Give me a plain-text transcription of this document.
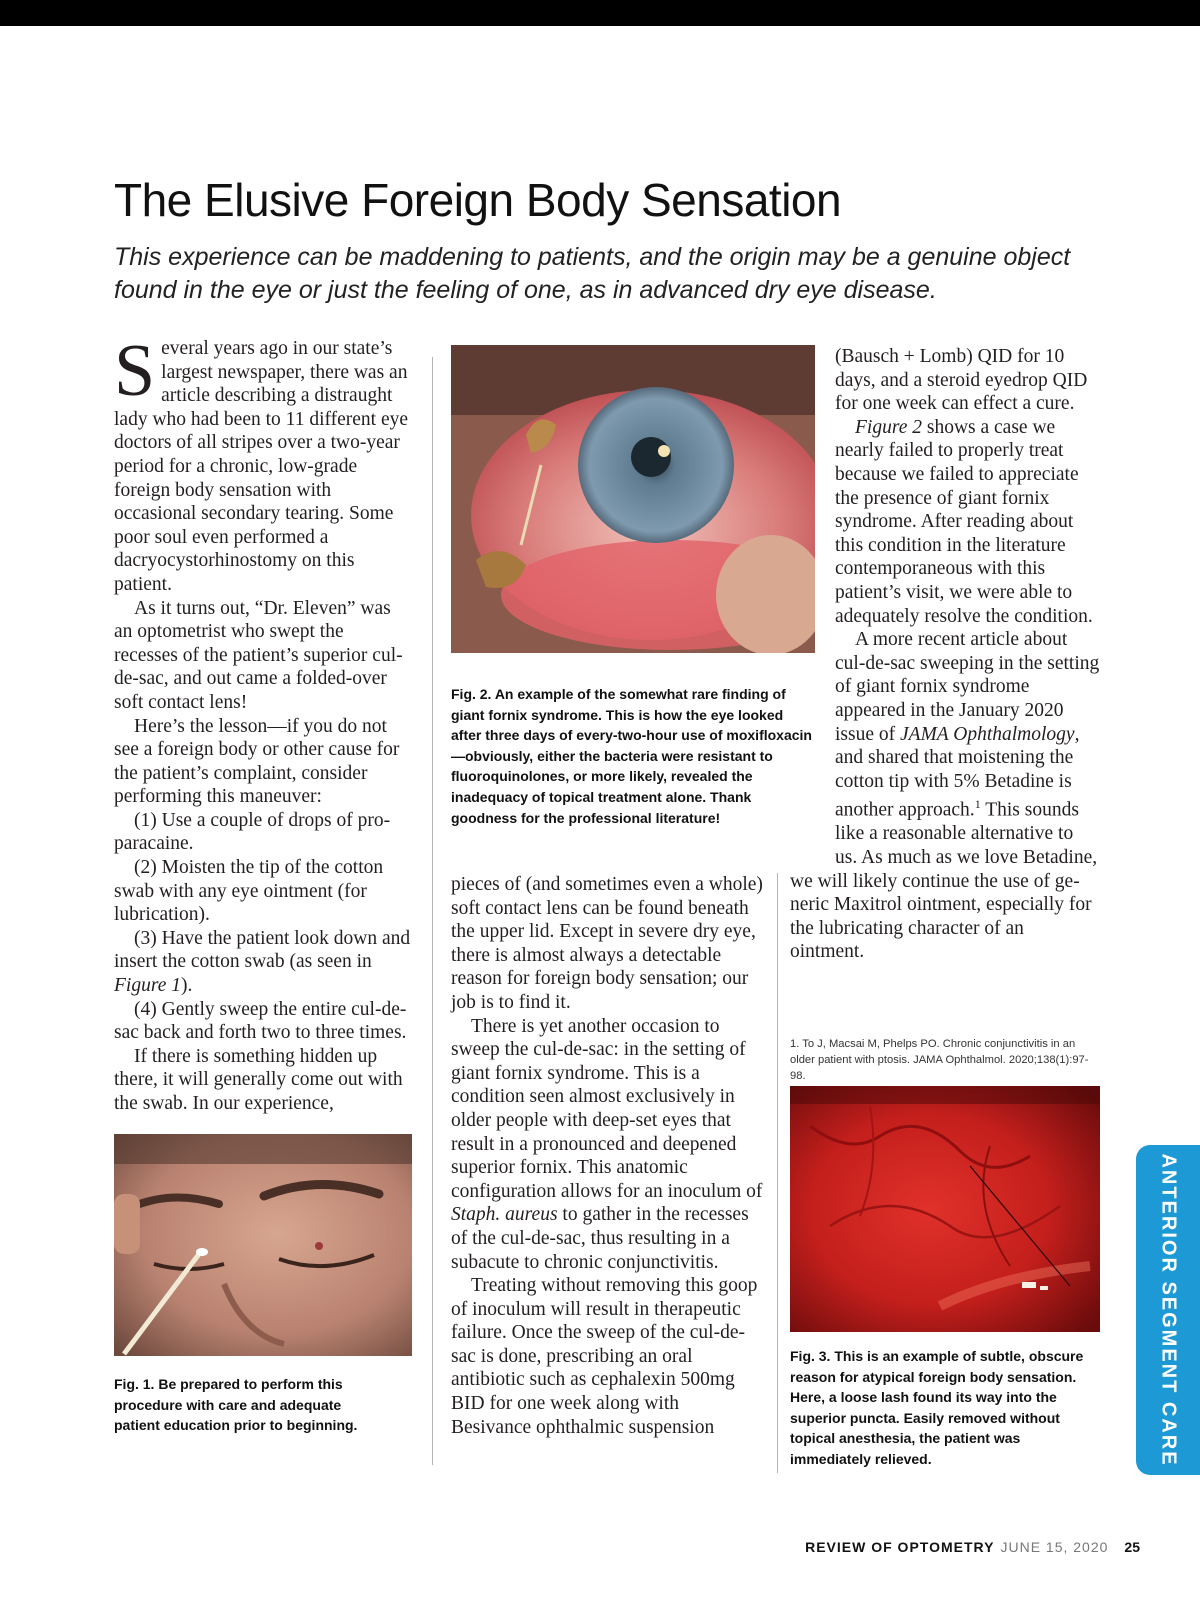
The Elusive Foreign Body Sensation
This experience can be maddening to patients, and the origin may be a genuine object found in the eye or just the feeling of one, as in advanced dry eye disease.

Several years ago in our state’s largest newspaper, there was an article describing a distraught lady who had been to 11 different eye doctors of all stripes over a two-year period for a chronic, low-grade foreign body sensation with occasional secondary tearing. Some poor soul even performed a dacryocystorhinostomy on this patient.

As it turns out, “Dr. Eleven” was an optometrist who swept the recesses of the patient’s superior cul-de-sac, and out came a folded-over soft contact lens!

Here’s the lesson—if you do not see a foreign body or other cause for the patient’s complaint, consider performing this maneuver:

(1) Use a couple of drops of proparacaine.

(2) Moisten the tip of the cotton swab with any eye ointment (for lubrication).

(3) Have the patient look down and insert the cotton swab (as seen in Figure 1).

(4) Gently sweep the entire cul-de-sac back and forth two to three times.

If there is something hidden up there, it will generally come out with the swab. In our experience,

Fig. 1. Be prepared to perform this procedure with care and adequate patient education prior to beginning.
Fig. 2. An example of the somewhat rare finding of giant fornix syndrome. This is how the eye looked after three days of every-two-hour use of moxifloxacin—obviously, either the bacteria were resistant to fluoroquinolones, or more likely, revealed the inadequacy of topical treatment alone. Thank goodness for the professional literature!

pieces of (and sometimes even a whole) soft contact lens can be found beneath the upper lid. Except in severe dry eye, there is almost always a detectable reason for foreign body sensation; our job is to find it.

There is yet another occasion to sweep the cul-de-sac: in the setting of giant fornix syndrome. This is a condition seen almost exclusively in older people with deep-set eyes that result in a pronounced and deepened superior fornix. This anatomic configuration allows for an inoculum of Staph. aureus to gather in the recesses of the cul-de-sac, thus resulting in a subacute to chronic conjunctivitis.

Treating without removing this goop of inoculum will result in therapeutic failure. Once the sweep of the cul-de-sac is done, prescribing an oral antibiotic such as cephalexin 500mg BID for one week along with Besivance ophthalmic suspension

(Bausch + Lomb) QID for 10 days, and a steroid eyedrop QID for one week can effect a cure.

Figure 2 shows a case we nearly failed to properly treat because we failed to appreciate the presence of giant fornix syndrome. After reading about this condition in the literature contemporaneous with this patient’s visit, we were able to adequately resolve the condition.

A more recent article about cul-de-sac sweeping in the setting of giant fornix syndrome appeared in the January 2020 issue of JAMA Ophthalmology, and shared that moistening the cotton tip with 5% Betadine is another approach.$^1$ This sounds like a reasonable alternative to us. As much as we love Betadine, we will likely continue the use of generic Maxitrol ointment, especially for the lubricating character of an ointment.

1. To J, Macsai M, Phelps PO. Chronic conjunctivitis in an older patient with ptosis. JAMA Ophthalmol. 2020;138(1):97-98.
Fig. 3. This is an example of subtle, obscure reason for atypical foreign body sensation. Here, a loose lash found its way into the superior puncta. Easily removed without topical anesthesia, the patient was immediately relieved.	ANTERIOR SEGMENT CARE
REVIEW OF OPTOMETRY JUNE 15, 2020 25
